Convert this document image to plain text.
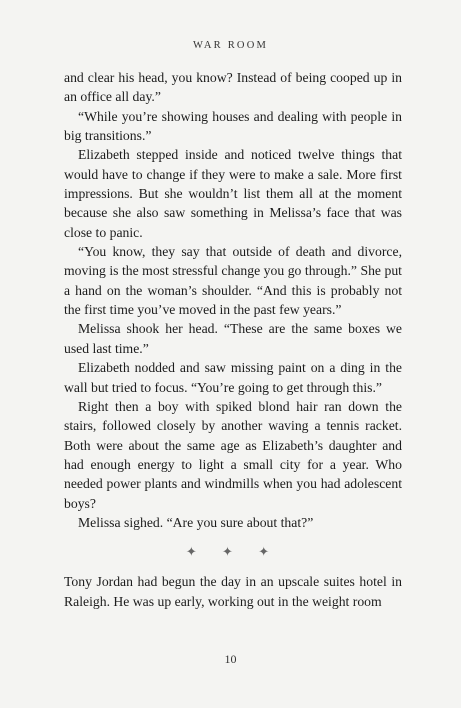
WAR ROOM

and clear his head, you know? Instead of being cooped up in an office all day.”

“While you’re showing houses and dealing with people in big transitions.”

Elizabeth stepped inside and noticed twelve things that would have to change if they were to make a sale. More first impressions. But she wouldn’t list them all at the moment because she also saw something in Melissa’s face that was close to panic.

“You know, they say that outside of death and divorce, moving is the most stressful change you go through.” She put a hand on the woman’s shoulder. “And this is probably not the first time you’ve moved in the past few years.”

Melissa shook her head. “These are the same boxes we used last time.”

Elizabeth nodded and saw missing paint on a ding in the wall but tried to focus. “You’re going to get through this.”

Right then a boy with spiked blond hair ran down the stairs, followed closely by another waving a tennis racket. Both were about the same age as Elizabeth’s daughter and had enough energy to light a small city for a year. Who needed power plants and windmills when you had adolescent boys?

Melissa sighed. “Are you sure about that?”

✦ ✦ ✦

Tony Jordan had begun the day in an upscale suites hotel in Raleigh. He was up early, working out in the weight room

10
